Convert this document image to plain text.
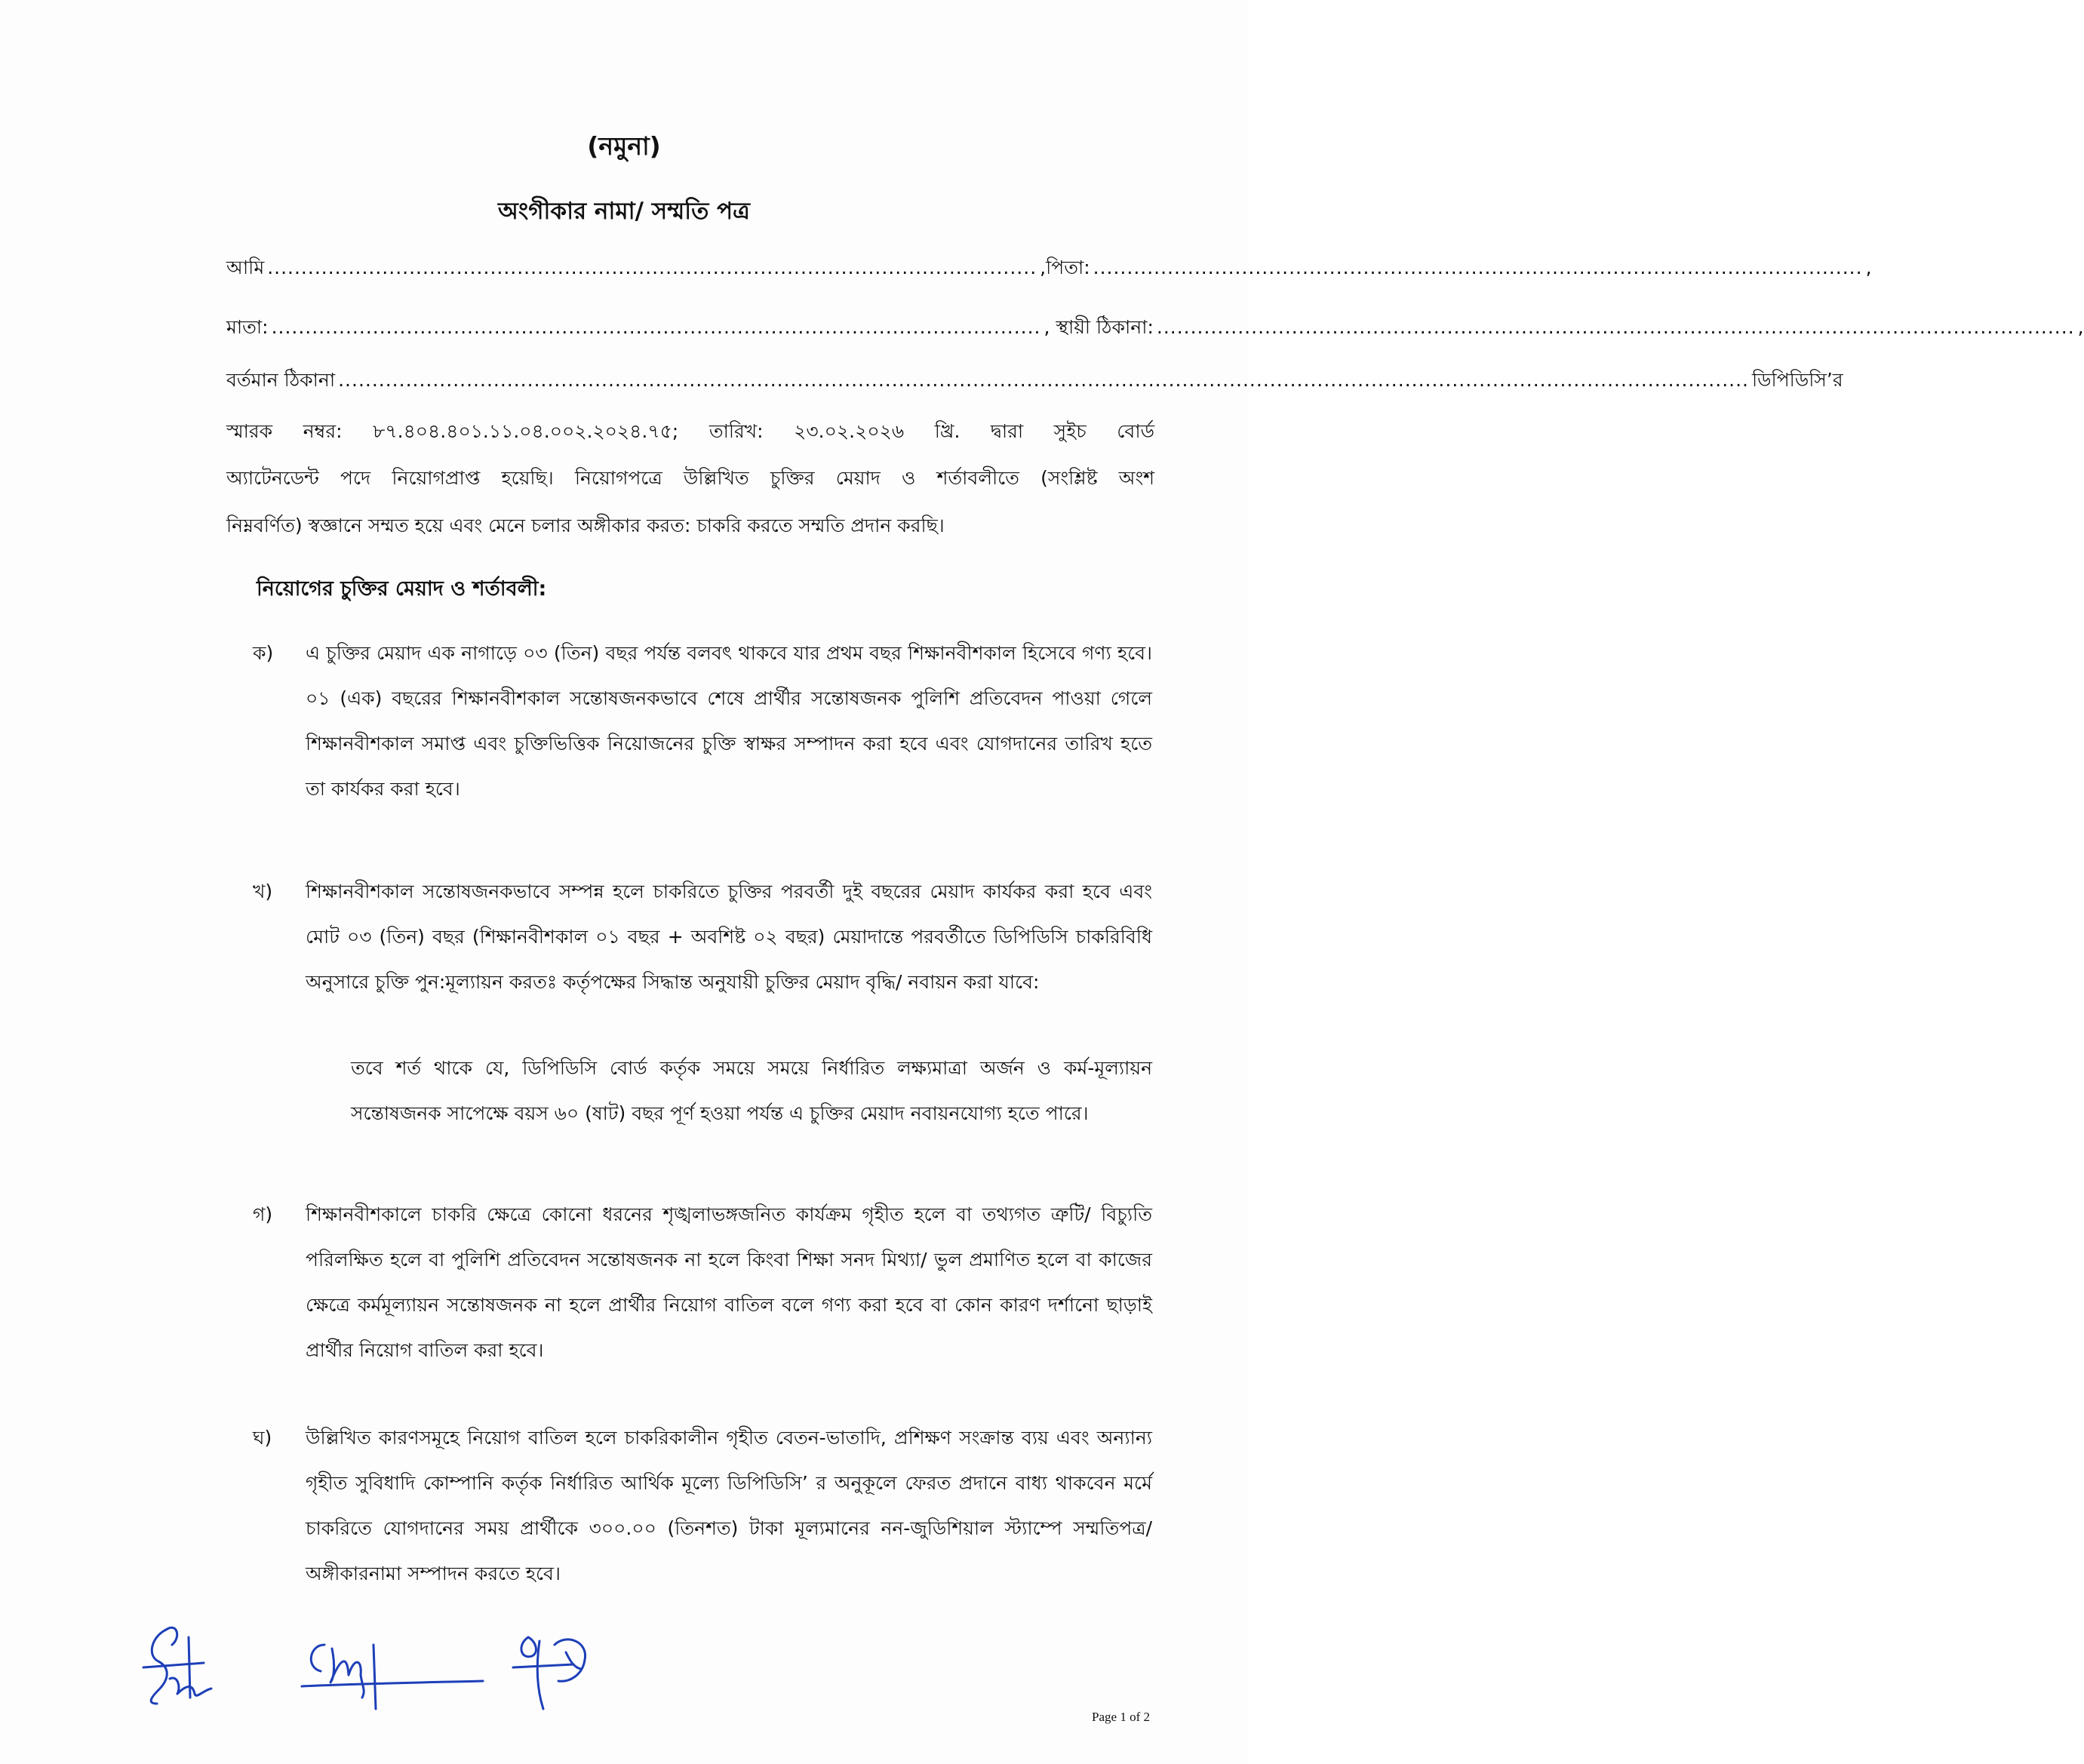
(নমুনা)
অংগীকার নামা/ সম্মতি পত্র
আমি .................................................................................................................. ,পিতা: .................................................................................................................. ,
মাতা: .................................................................................................................. , স্থায়ী ঠিকানা: ........................................................................................................................................ ,
বর্তমান ঠিকানা ................................................................................................................................................................................................................. ডিপিডিসি’র
স্মারক নম্বর: ৮৭.৪০৪.৪০১.১১.০৪.০০২.২০২৪.৭৫; তারিখ: ২৩.০২.২০২৬ খ্রি. দ্বারা সুইচ বোর্ড
অ্যাটেনডেন্ট পদে নিয়োগপ্রাপ্ত হয়েছি। নিয়োগপত্রে উল্লিখিত চুক্তির মেয়াদ ও শর্তাবলীতে (সংশ্লিষ্ট অংশ
নিম্নবর্ণিত) স্বজ্ঞানে সম্মত হয়ে এবং মেনে চলার অঙ্গীকার করত: চাকরি করতে সম্মতি প্রদান করছি।
নিয়োগের চুক্তির মেয়াদ ও শর্তাবলী:
ক) এ চুক্তির মেয়াদ এক নাগাড়ে ০৩ (তিন) বছর পর্যন্ত বলবৎ থাকবে যার প্রথম বছর শিক্ষানবীশকাল হিসেবে গণ্য হবে। ০১ (এক) বছরের শিক্ষানবীশকাল সন্তোষজনকভাবে শেষে প্রার্থীর সন্তোষজনক পুলিশি প্রতিবেদন পাওয়া গেলে শিক্ষানবীশকাল সমাপ্ত এবং চুক্তিভিত্তিক নিয়োজনের চুক্তি স্বাক্ষর সম্পাদন করা হবে এবং যোগদানের তারিখ হতে তা কার্যকর করা হবে।
খ) শিক্ষানবীশকাল সন্তোষজনকভাবে সম্পন্ন হলে চাকরিতে চুক্তির পরবর্তী দুই বছরের মেয়াদ কার্যকর করা হবে এবং মোট ০৩ (তিন) বছর (শিক্ষানবীশকাল ০১ বছর + অবশিষ্ট ০২ বছর) মেয়াদান্তে পরবর্তীতে ডিপিডিসি চাকরিবিধি অনুসারে চুক্তি পুন:মূল্যায়ন করতঃ কর্তৃপক্ষের সিদ্ধান্ত অনুযায়ী চুক্তির মেয়াদ বৃদ্ধি/ নবায়ন করা যাবে:
তবে শর্ত থাকে যে, ডিপিডিসি বোর্ড কর্তৃক সময়ে সময়ে নির্ধারিত লক্ষ্যমাত্রা অর্জন ও কর্ম-মূল্যায়ন সন্তোষজনক সাপেক্ষে বয়স ৬০ (ষাট) বছর পূর্ণ হওয়া পর্যন্ত এ চুক্তির মেয়াদ নবায়নযোগ্য হতে পারে।
গ) শিক্ষানবীশকালে চাকরি ক্ষেত্রে কোনো ধরনের শৃঙ্খলাভঙ্গজনিত কার্যক্রম গৃহীত হলে বা তথ্যগত ত্রুটি/ বিচ্যুতি পরিলক্ষিত হলে বা পুলিশি প্রতিবেদন সন্তোষজনক না হলে কিংবা শিক্ষা সনদ মিথ্যা/ ভুল প্রমাণিত হলে বা কাজের ক্ষেত্রে কর্মমূল্যায়ন সন্তোষজনক না হলে প্রার্থীর নিয়োগ বাতিল বলে গণ্য করা হবে বা কোন কারণ দর্শানো ছাড়াই প্রার্থীর নিয়োগ বাতিল করা হবে।
ঘ) উল্লিখিত কারণসমূহে নিয়োগ বাতিল হলে চাকরিকালীন গৃহীত বেতন-ভাতাদি, প্রশিক্ষণ সংক্রান্ত ব্যয় এবং অন্যান্য গৃহীত সুবিধাদি কোম্পানি কর্তৃক নির্ধারিত আর্থিক মূল্যে ডিপিডিসি’ র অনুকূলে ফেরত প্রদানে বাধ্য থাকবেন মর্মে চাকরিতে যোগদানের সময় প্রার্থীকে ৩০০.০০ (তিনশত) টাকা মূল্যমানের নন-জুডিশিয়াল স্ট্যাম্পে সম্মতিপত্র/ অঙ্গীকারনামা সম্পাদন করতে হবে।
Page 1 of 2
